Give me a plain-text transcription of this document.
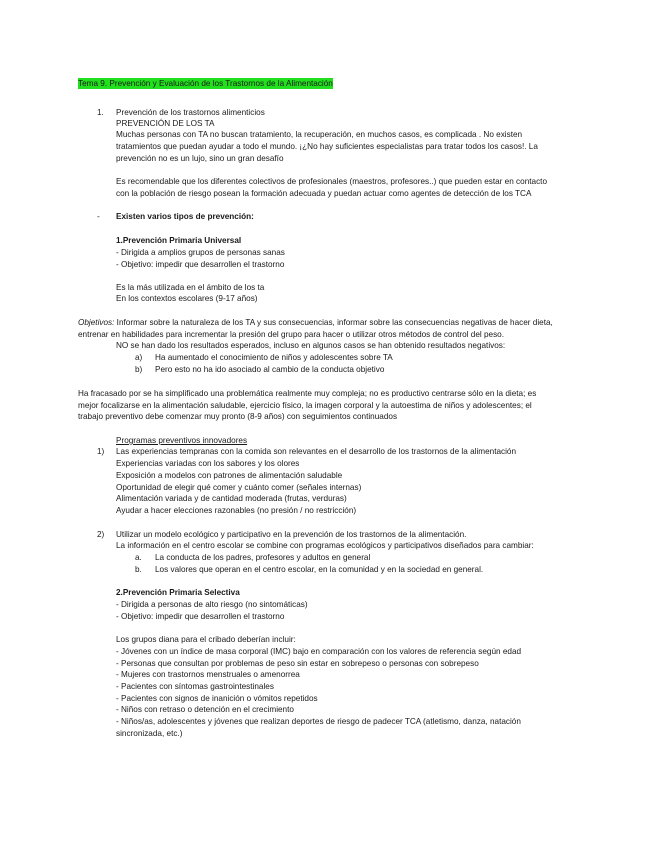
Tema 9. Prevención y Evaluación de los Trastornos de la Alimentación
1. Prevención de los trastornos alimenticios
PREVENCIÓN DE LOS TA
Muchas personas con TA no buscan tratamiento, la recuperación, en muchos casos, es complicada . No existen
tratamientos que puedan ayudar a todo el mundo. ¡¿No hay suficientes especialistas para tratar todos los casos!. La
prevención no es un lujo, sino un gran desafío
Es recomendable que los diferentes colectivos de profesionales (maestros, profesores..) que pueden estar en contacto
con la población de riesgo posean la formación adecuada y puedan actuar como agentes de detección de los TCA
- Existen varios tipos de prevención:
1.Prevención Primaria Universal
- Dirigida a amplios grupos de personas sanas
- Objetivo: impedir que desarrollen el trastorno
Es la más utilizada en el ámbito de los ta
En los contextos escolares (9-17 años)
Objetivos: Informar sobre la naturaleza de los TA y sus consecuencias, informar sobre las consecuencias negativas de hacer dieta,
entrenar en habilidades para incrementar la presión del grupo para hacer o utilizar otros métodos de control del peso.
NO se han dado los resultados esperados, incluso en algunos casos se han obtenido resultados negativos:
a) Ha aumentado el conocimiento de niños y adolescentes sobre TA
b) Pero esto no ha ido asociado al cambio de la conducta objetivo
Ha fracasado por se ha simplificado una problemática realmente muy compleja; no es productivo centrarse sólo en la dieta; es
mejor focalizarse en la alimentación saludable, ejercicio físico, la imagen corporal y la autoestima de niños y adolescentes; el
trabajo preventivo debe comenzar muy pronto (8-9 años) con seguimientos continuados
Programas preventivos innovadores
1) Las experiencias tempranas con la comida son relevantes en el desarrollo de los trastornos de la alimentación
Experiencias variadas con los sabores y los olores
Exposición a modelos con patrones de alimentación saludable
Oportunidad de elegir qué comer y cuánto comer (señales internas)
Alimentación variada y de cantidad moderada (frutas, verduras)
Ayudar a hacer elecciones razonables (no presión / no restricción)
2) Utilizar un modelo ecológico y participativo en la prevención de los trastornos de la alimentación.
La información en el centro escolar se combine con programas ecológicos y participativos diseñados para cambiar:
a. La conducta de los padres, profesores y adultos en general
b. Los valores que operan en el centro escolar, en la comunidad y en la sociedad en general.
2.Prevención Primaria Selectiva
- Dirigida a personas de alto riesgo (no sintomáticas)
- Objetivo: impedir que desarrollen el trastorno
Los grupos diana para el cribado deberían incluir:
- Jóvenes con un índice de masa corporal (IMC) bajo en comparación con los valores de referencia según edad
- Personas que consultan por problemas de peso sin estar en sobrepeso o personas con sobrepeso
- Mujeres con trastornos menstruales o amenorrea
- Pacientes con síntomas gastrointestinales
- Pacientes con signos de inanición o vómitos repetidos
- Niños con retraso o detención en el crecimiento
- Niños/as, adolescentes y jóvenes que realizan deportes de riesgo de padecer TCA (atletismo, danza, natación
sincronizada, etc.)
